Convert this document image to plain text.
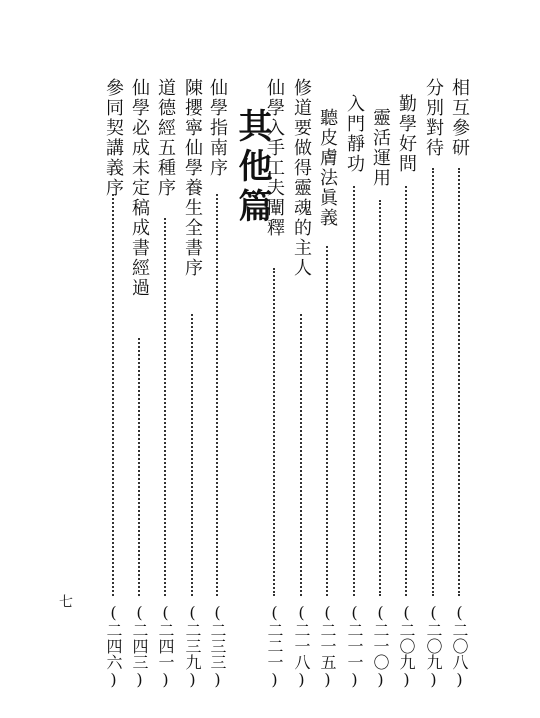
相互參研
(二〇八)
分別對待
(二〇九)
勤學好問
(二〇九)
靈活運用
(二一〇)
入門靜功
(二一一)
聽皮膚法眞義
(二一五)
修道要做得靈魂的主人
(二一八)
仙學入手工夫闡釋
(二二一)
其他篇
仙學指南序
(二三三)
陳攖寧仙學養生全書序
(二三九)
道德經五種序
(二四一)
仙學必成未定稿成書經過
(二四三)
參同契講義序
(二四六)
七
